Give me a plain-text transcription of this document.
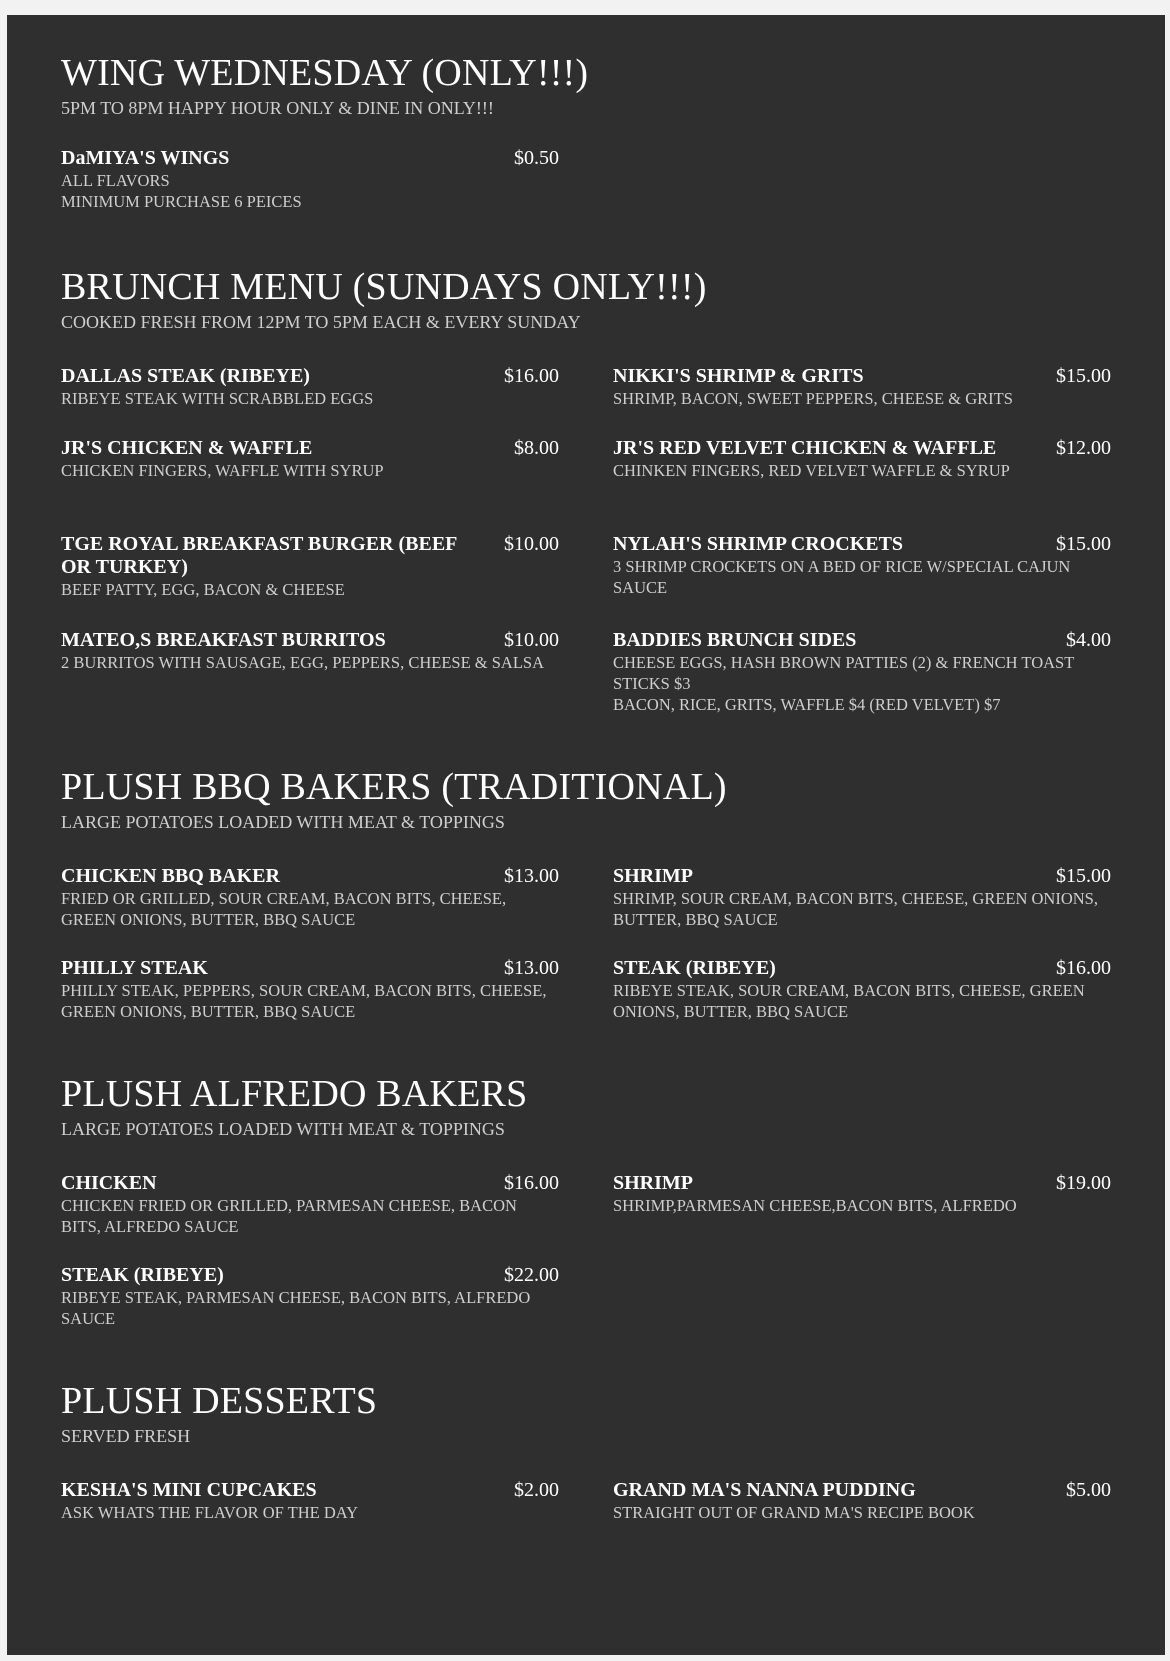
WING WEDNESDAY (ONLY!!!)

5PM TO 8PM HAPPY HOUR ONLY & DINE IN ONLY!!!

DaMIYA'S WINGS	$0.50

ALL FLAVORS
MINIMUM PURCHASE 6 PEICES

BRUNCH MENU (SUNDAYS ONLY!!!)

COOKED FRESH FROM 12PM TO 5PM EACH & EVERY SUNDAY

DALLAS STEAK (RIBEYE)	$16.00

RIBEYE STEAK WITH SCRABBLED EGGS

NIKKI'S SHRIMP & GRITS	$15.00

SHRIMP, BACON, SWEET PEPPERS, CHEESE & GRITS

JR'S CHICKEN & WAFFLE	$8.00

CHICKEN FINGERS, WAFFLE WITH SYRUP

JR'S RED VELVET CHICKEN & WAFFLE	$12.00

CHINKEN FINGERS, RED VELVET WAFFLE & SYRUP

TGE ROYAL BREAKFAST BURGER (BEEF OR TURKEY)
$10.00

BEEF PATTY, EGG, BACON & CHEESE

NYLAH'S SHRIMP CROCKETS	$15.00

3 SHRIMP CROCKETS ON A BED OF RICE W/SPECIAL CAJUN SAUCE

MATEO,S BREAKFAST BURRITOS	$10.00

2 BURRITOS WITH SAUSAGE, EGG, PEPPERS, CHEESE & SALSA

BADDIES BRUNCH SIDES	$4.00

CHEESE EGGS, HASH BROWN PATTIES (2) & FRENCH TOAST STICKS $3
BACON, RICE, GRITS, WAFFLE $4 (RED VELVET) $7

PLUSH BBQ BAKERS (TRADITIONAL)

LARGE POTATOES LOADED WITH MEAT & TOPPINGS

CHICKEN BBQ BAKER	$13.00

FRIED OR GRILLED, SOUR CREAM, BACON BITS, CHEESE, GREEN ONIONS, BUTTER, BBQ SAUCE

SHRIMP	$15.00

SHRIMP, SOUR CREAM, BACON BITS, CHEESE, GREEN ONIONS, BUTTER, BBQ SAUCE

PHILLY STEAK	$13.00

PHILLY STEAK, PEPPERS, SOUR CREAM, BACON BITS, CHEESE, GREEN ONIONS, BUTTER, BBQ SAUCE

STEAK (RIBEYE)	$16.00

RIBEYE STEAK, SOUR CREAM, BACON BITS, CHEESE, GREEN ONIONS, BUTTER, BBQ SAUCE

PLUSH ALFREDO BAKERS

LARGE POTATOES LOADED WITH MEAT & TOPPINGS

CHICKEN	$16.00

CHICKEN FRIED OR GRILLED, PARMESAN CHEESE, BACON BITS, ALFREDO SAUCE

SHRIMP	$19.00

SHRIMP,PARMESAN CHEESE,BACON BITS, ALFREDO

STEAK (RIBEYE)	$22.00

RIBEYE STEAK, PARMESAN CHEESE, BACON BITS, ALFREDO SAUCE

PLUSH DESSERTS

SERVED FRESH

KESHA'S MINI CUPCAKES	$2.00

ASK WHATS THE FLAVOR OF THE DAY

GRAND MA'S NANNA PUDDING	$5.00

STRAIGHT OUT OF GRAND MA'S RECIPE BOOK
